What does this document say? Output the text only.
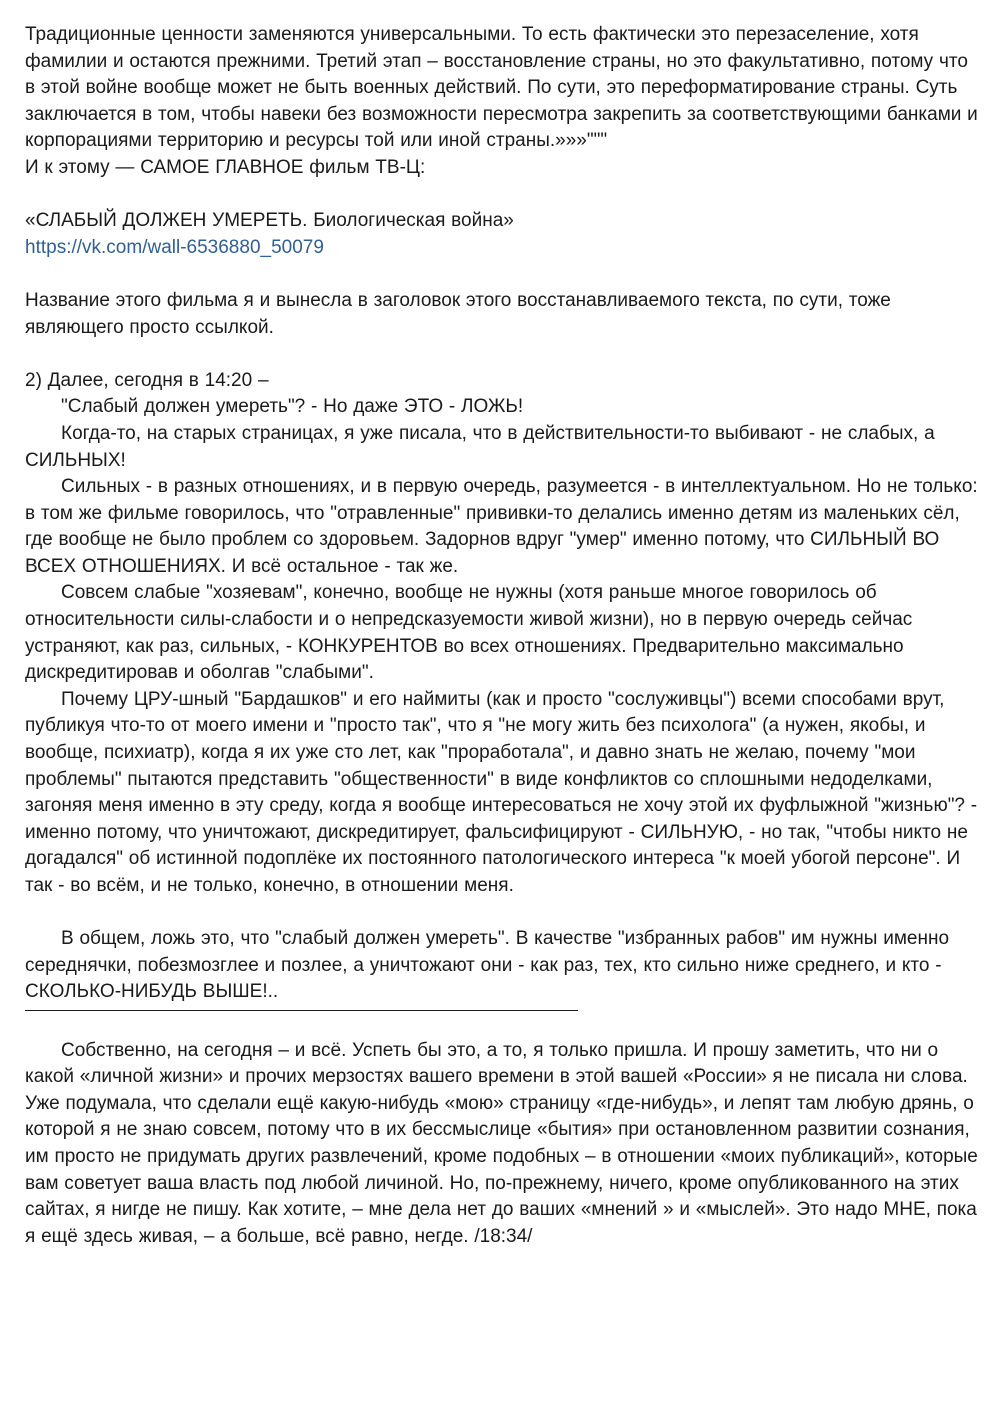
Традиционные ценности заменяются универсальными. То есть фактически это перезаселение, хотя фамилии и остаются прежними. Третий этап – восстановление страны, но это факультативно, потому что в этой войне вообще может не быть военных действий. По сути, это переформатирование страны. Суть заключается в том, чтобы навеки без возможности пересмотра закрепить за соответствующими банками и корпорациями территорию и ресурсы той или иной страны.»»»"""

И к этому — САМОЕ ГЛАВНОЕ фильм ТВ-Ц:

«СЛАБЫЙ ДОЛЖЕН УМЕРЕТЬ. Биологическая война»

https://vk.com/wall-6536880_50079

Название этого фильма я и вынесла в заголовок этого восстанавливаемого текста, по сути, тоже являющего просто ссылкой.

2) Далее, сегодня в 14:20 –

"Слабый должен умереть"? - Но даже ЭТО - ЛОЖЬ!

Когда-то, на старых страницах, я уже писала, что в действительности-то выбивают - не слабых, а СИЛЬНЫХ!

Сильных - в разных отношениях, и в первую очередь, разумеется - в интеллектуальном. Но не только: в том же фильме говорилось, что "отравленные" прививки-то делались именно детям из маленьких сёл, где вообще не было проблем со здоровьем. Задорнов вдруг "умер" именно потому, что СИЛЬНЫЙ ВО ВСЕХ ОТНОШЕНИЯХ. И всё остальное - так же.

Совсем слабые "хозяевам", конечно, вообще не нужны (хотя раньше многое говорилось об относительности силы-слабости и о непредсказуемости живой жизни), но в первую очередь сейчас устраняют, как раз, сильных, - КОНКУРЕНТОВ во всех отношениях. Предварительно максимально дискредитировав и оболгав "слабыми".

Почему ЦРУ-шный "Бардашков" и его наймиты (как и просто "сослуживцы") всеми способами врут, публикуя что-то от моего имени и "просто так", что я "не могу жить без психолога" (а нужен, якобы, и вообще, психиатр), когда я их уже сто лет, как "проработала", и давно знать не желаю, почему "мои проблемы" пытаются представить "общественности" в виде конфликтов со сплошными недоделками, загоняя меня именно в эту среду, когда я вообще интересоваться не хочу этой их фуфлыжной "жизнью"? - именно потому, что уничтожают, дискредитирует, фальсифицируют - СИЛЬНУЮ, - но так, "чтобы никто не догадался" об истинной подоплёке их постоянного патологического интереса "к моей убогой персоне". И так - во всём, и не только, конечно, в отношении меня.

В общем, ложь это, что "слабый должен умереть". В качестве "избранных рабов" им нужны именно середнячки, побезмозглее и позлее, а уничтожают они - как раз, тех, кто сильно ниже среднего, и кто - СКОЛЬКО-НИБУДЬ ВЫШЕ!..

Собственно, на сегодня – и всё. Успеть бы это, а то, я только пришла. И прошу заметить, что ни о какой «личной жизни» и прочих мерзостях вашего времени в этой вашей «России» я не писала ни слова. Уже подумала, что сделали ещё какую-нибудь «мою» страницу «где-нибудь», и лепят там любую дрянь, о которой я не знаю совсем, потому что в их бессмыслице «бытия» при остановленном развитии сознания, им просто не придумать других развлечений, кроме подобных – в отношении «моих публикаций», которые вам советует ваша власть под любой личиной. Но, по-прежнему, ничего, кроме опубликованного на этих сайтах, я нигде не пишу. Как хотите, – мне дела нет до ваших «мнений » и «мыслей». Это надо МНЕ, пока я ещё здесь живая, – а больше, всё равно, негде. /18:34/
